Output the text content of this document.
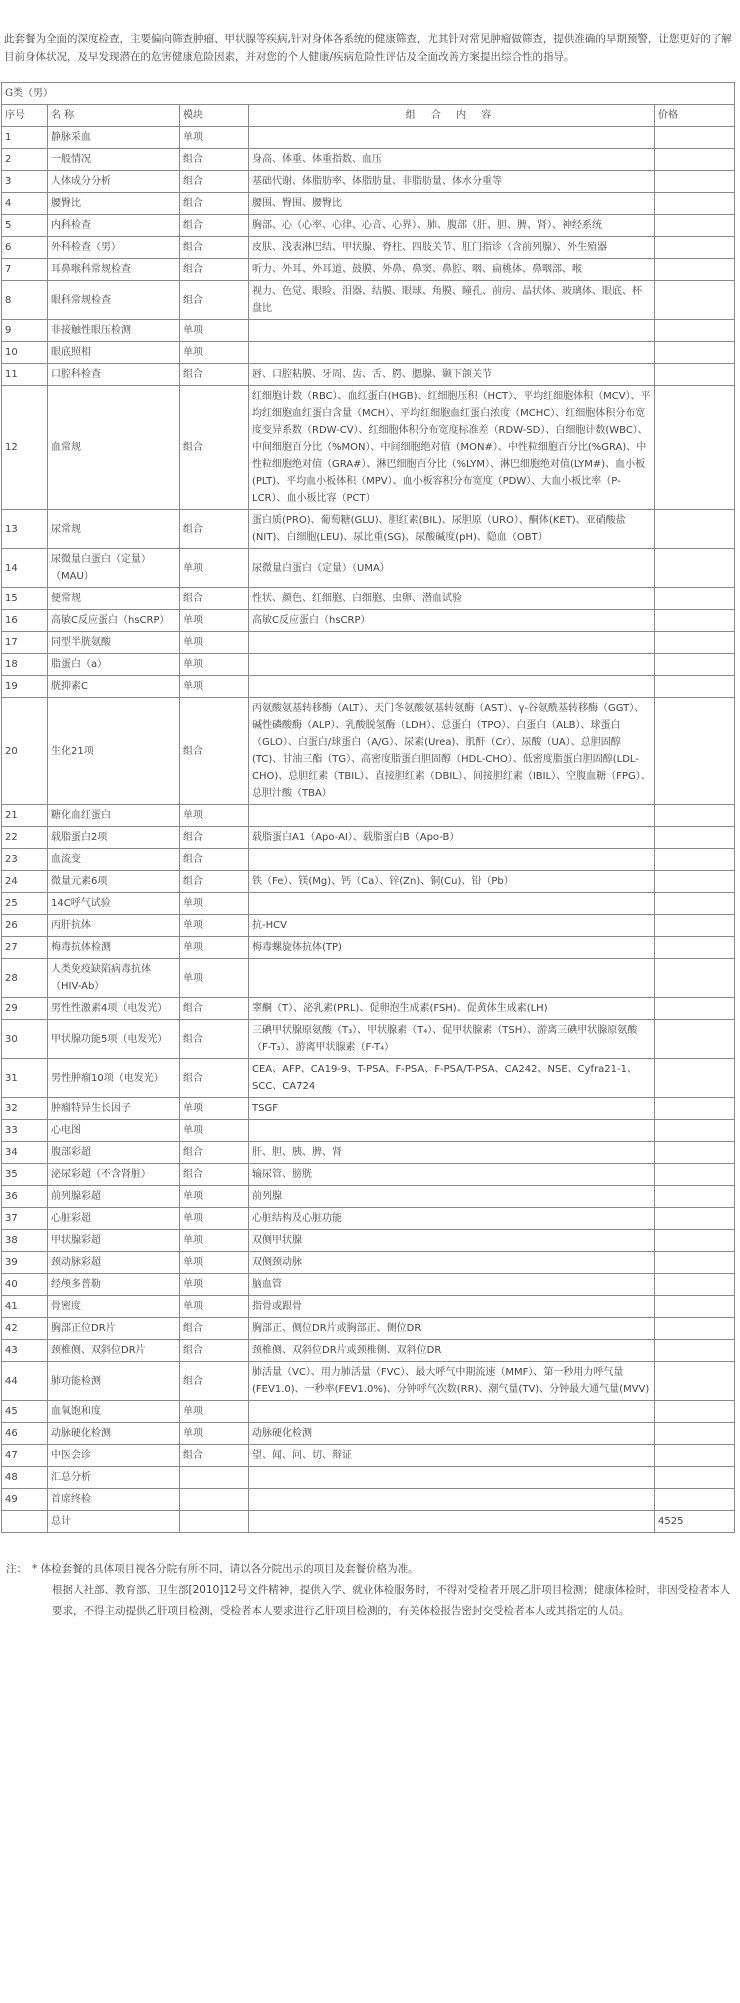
此套餐为全面的深度检查，主要偏向筛查肿瘤、甲状腺等疾病,针对身体各系统的健康筛查，尤其针对常见肿瘤做筛查，提供准确的早期预警，让您更好的了解目前身体状况，及早发现潜在的危害健康危险因素，并对您的个人健康/疾病危险性评估及全面改善方案提出综合性的指导。

G类（男）				
序号	名 称	模块	组 合 内 容	价格
1	静脉采血	单项		
2	一般情况	组合	身高、体重、体重指数、血压	
3	人体成分分析	组合	基础代谢、体脂肪率、体脂肪量、非脂肪量、体水分重等	
4	腰臀比	组合	腰围、臀围、腰臀比	
5	内科检查	组合	胸部、心（心率、心律、心音、心界）、肺、腹部（肝、胆、脾、肾）、神经系统	
6	外科检查（男）	组合	皮肤、浅表淋巴结、甲状腺、脊柱、四肢关节、肛门指诊（含前列腺）、外生殖器	
7	耳鼻喉科常规检查	组合	听力、外耳、外耳道、鼓膜、外鼻、鼻窦、鼻腔、咽、扁桃体、鼻咽部、喉	
8	眼科常规检查	组合	视力、色觉、眼睑、泪器、结膜、眼球、角膜、瞳孔、前房、晶状体、玻璃体、眼底、杯盘比	
9	非接触性眼压检测	单项		
10	眼底照相	单项		
11	口腔科检查	组合	唇、口腔粘膜、牙周、齿、舌、腭、腮腺、颞下颌关节	
12	血常规	组合	红细胞计数（RBC）、血红蛋白(HGB)、红细胞压积（HCT）、平均红细胞体积（MCV）、平均红细胞血红蛋白含量（MCH）、平均红细胞血红蛋白浓度（MCHC）、红细胞体积分布宽度变异系数（RDW-CV）、红细胞体积分布宽度标准差（RDW-SD）、白细胞计数(WBC）、中间细胞百分比（%MON）、中间细胞绝对值（MON#）、中性粒细胞百分比(%GRA)、中性粒细胞绝对值（GRA#）、淋巴细胞百分比（%LYM）、淋巴细胞绝对值(LYM#)、血小板(PLT)、平均血小板体积（MPV）、血小板容积分布宽度（PDW）、大血小板比率（P-LCR）、血小板比容（PCT）	
13	尿常规	组合	蛋白质(PRO)、葡萄糖(GLU)、胆红素(BIL)、尿胆原（URO）、酮体(KET)、亚硝酸盐(NIT)、白细胞(LEU)、尿比重(SG)、尿酸碱度(pH)、隐血（OBT）	
14	尿微量白蛋白（定量）（MAU）	单项	尿微量白蛋白（定量）（UMA）	
15	便常规	组合	性状、颜色、红细胞、白细胞、虫卵、潜血试验	
16	高敏C反应蛋白（hsCRP）	单项	高敏C反应蛋白（hsCRP）	
17	同型半胱氨酸	单项		
18	脂蛋白（a）	单项		
19	胱抑素C	单项		
20	生化21项	组合	丙氨酸氨基转移酶（ALT）、天门冬氨酸氨基转氨酶（AST）、γ-谷氨酰基转移酶（GGT）、碱性磷酸酶（ALP）、乳酸脱氢酶（LDH）、总蛋白（TPO）、白蛋白（ALB）、球蛋白（GLO）、白蛋白/球蛋白（A/G）、尿素(Urea)、肌酐（Cr）、尿酸（UA）、总胆固醇(TC)、甘油三酯（TG）、高密度脂蛋白胆固醇（HDL-CHO）、低密度脂蛋白胆固醇(LDL-CHO)、总胆红素（TBIL）、直接胆红素（DBIL）、间接胆红素（IBIL）、空腹血糖（FPG）、总胆汁酸（TBA）	
21	糖化血红蛋白	单项		
22	载脂蛋白2项	组合	载脂蛋白A1（Apo-AⅠ）、载脂蛋白B（Apo-B）	
23	血流变	组合		
24	微量元素6项	组合	铁（Fe）、镁(Mg)、钙（Ca）、锌(Zn)、铜(Cu)、铅（Pb）	
25	14C呼气试验	单项		
26	丙肝抗体	单项	抗-HCV	
27	梅毒抗体检测	单项	梅毒螺旋体抗体(TP)	
28	人类免疫缺陷病毒抗体（HIV-Ab）	单项		
29	男性性激素4项（电发光）	组合	睾酮（T）、泌乳素(PRL)、促卵泡生成素(FSH)、促黄体生成素(LH)	
30	甲状腺功能5项（电发光）	组合	三碘甲状腺原氨酸（T₃）、甲状腺素（T₄）、促甲状腺素（TSH）、游离三碘甲状腺原氨酸（F-T₃）、游离甲状腺素（F-T₄）	
31	男性肿瘤10项（电发光）	组合	CEA、AFP、CA19-9、T-PSA、F-PSA、F-PSA/T-PSA、CA242、NSE、Cyfra21-1、SCC、CA724	
32	肿瘤特异生长因子	单项	TSGF	
33	心电图	单项		
34	腹部彩超	组合	肝、胆、胰、脾、肾	
35	泌尿彩超（不含肾脏）	组合	输尿管、膀胱	
36	前列腺彩超	单项	前列腺	
37	心脏彩超	单项	心脏结构及心脏功能	
38	甲状腺彩超	单项	双侧甲状腺	
39	颈动脉彩超	单项	双侧颈动脉	
40	经颅多普勒	单项	脑血管	
41	骨密度	单项	指骨或跟骨	
42	胸部正位DR片	组合	胸部正、侧位DR片或胸部正、侧位DR	
43	颈椎侧、双斜位DR片	组合	颈椎侧、双斜位DR片或颈椎侧、双斜位DR	
44	肺功能检测	组合	肺活量（VC）、用力肺活量（FVC）、最大呼气中期流速（MMF）、第一秒用力呼气量(FEV1.0)、一秒率(FEV1.0%)、分钟呼气次数(RR)、潮气量(TV)、分钟最大通气量(MVV)	
45	血氧饱和度	单项		
46	动脉硬化检测	单项	动脉硬化检测	
47	中医会诊	组合	望、闻、问、切、辩证	
48	汇总分析			
49	首席终检			
	总计			4525
注： * 体检套餐的具体项目视各分院有所不同，请以各分院出示的项目及套餐价格为准。
根据人社部、教育部、卫生部[2010]12号文件精神，提供入学、就业体检服务时，不得对受检者开展乙肝项目检测；健康体检时，非因受检者本人要求，不得主动提供乙肝项目检测，受检者本人要求进行乙肝项目检测的，有关体检报告密封交受检者本人或其指定的人员。
